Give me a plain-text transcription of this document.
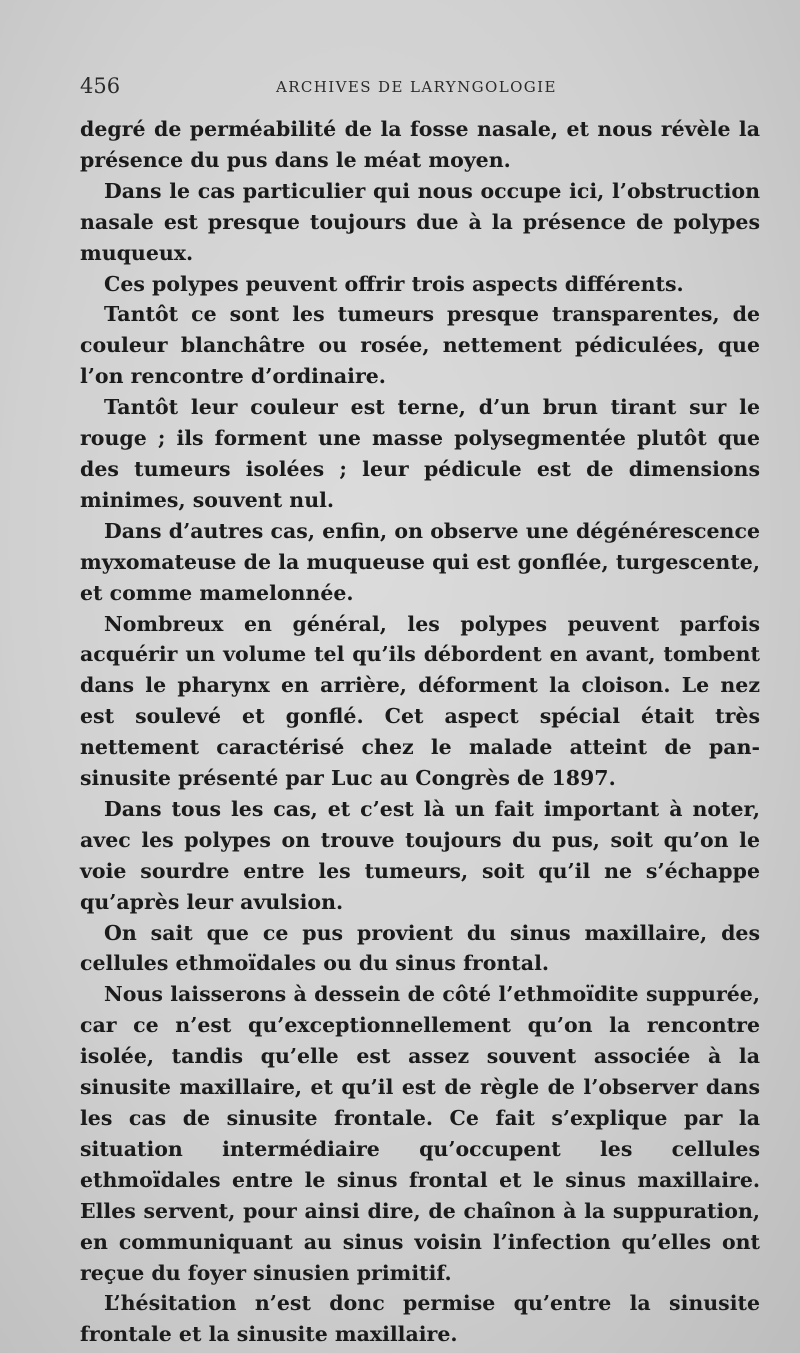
456	ARCHIVES DE LARYNGOLOGIE

degré de perméabilité de la fosse nasale, et nous révèle la présence du pus dans le méat moyen.

Dans le cas particulier qui nous occupe ici, l’obstruction nasale est presque toujours due à la présence de polypes muqueux.

Ces polypes peuvent offrir trois aspects différents.

Tantôt ce sont les tumeurs presque transparentes, de couleur blanchâtre ou rosée, nettement pédiculées, que l’on rencontre d’ordinaire.

Tantôt leur couleur est terne, d’un brun tirant sur le rouge ; ils forment une masse polysegmentée plutôt que des tumeurs isolées ; leur pédicule est de dimensions minimes, souvent nul.

Dans d’autres cas, enfin, on observe une dégénérescence myxomateuse de la muqueuse qui est gonflée, turgescente, et comme mamelonnée.

Nombreux en général, les polypes peuvent parfois acquérir un volume tel qu’ils débordent en avant, tombent dans le pharynx en arrière, déforment la cloison. Le nez est soulevé et gonflé. Cet aspect spécial était très nettement caractérisé chez le malade atteint de pan-sinusite présenté par Luc au Congrès de 1897.

Dans tous les cas, et c’est là un fait important à noter, avec les polypes on trouve toujours du pus, soit qu’on le voie sourdre entre les tumeurs, soit qu’il ne s’échappe qu’après leur avulsion.

On sait que ce pus provient du sinus maxillaire, des cellules ethmoïdales ou du sinus frontal.

Nous laisserons à dessein de côté l’ethmoïdite suppurée, car ce n’est qu’exceptionnellement qu’on la rencontre isolée, tandis qu’elle est assez souvent associée à la sinusite maxillaire, et qu’il est de règle de l’observer dans les cas de sinusite frontale. Ce fait s’explique par la situation intermédiaire qu’occupent les cellules ethmoïdales entre le sinus frontal et le sinus maxillaire. Elles servent, pour ainsi dire, de chaînon à la suppuration, en communiquant au sinus voisin l’infection qu’elles ont reçue du foyer sinusien primitif.

L’hésitation n’est donc permise qu’entre la sinusite frontale et la sinusite maxillaire.
